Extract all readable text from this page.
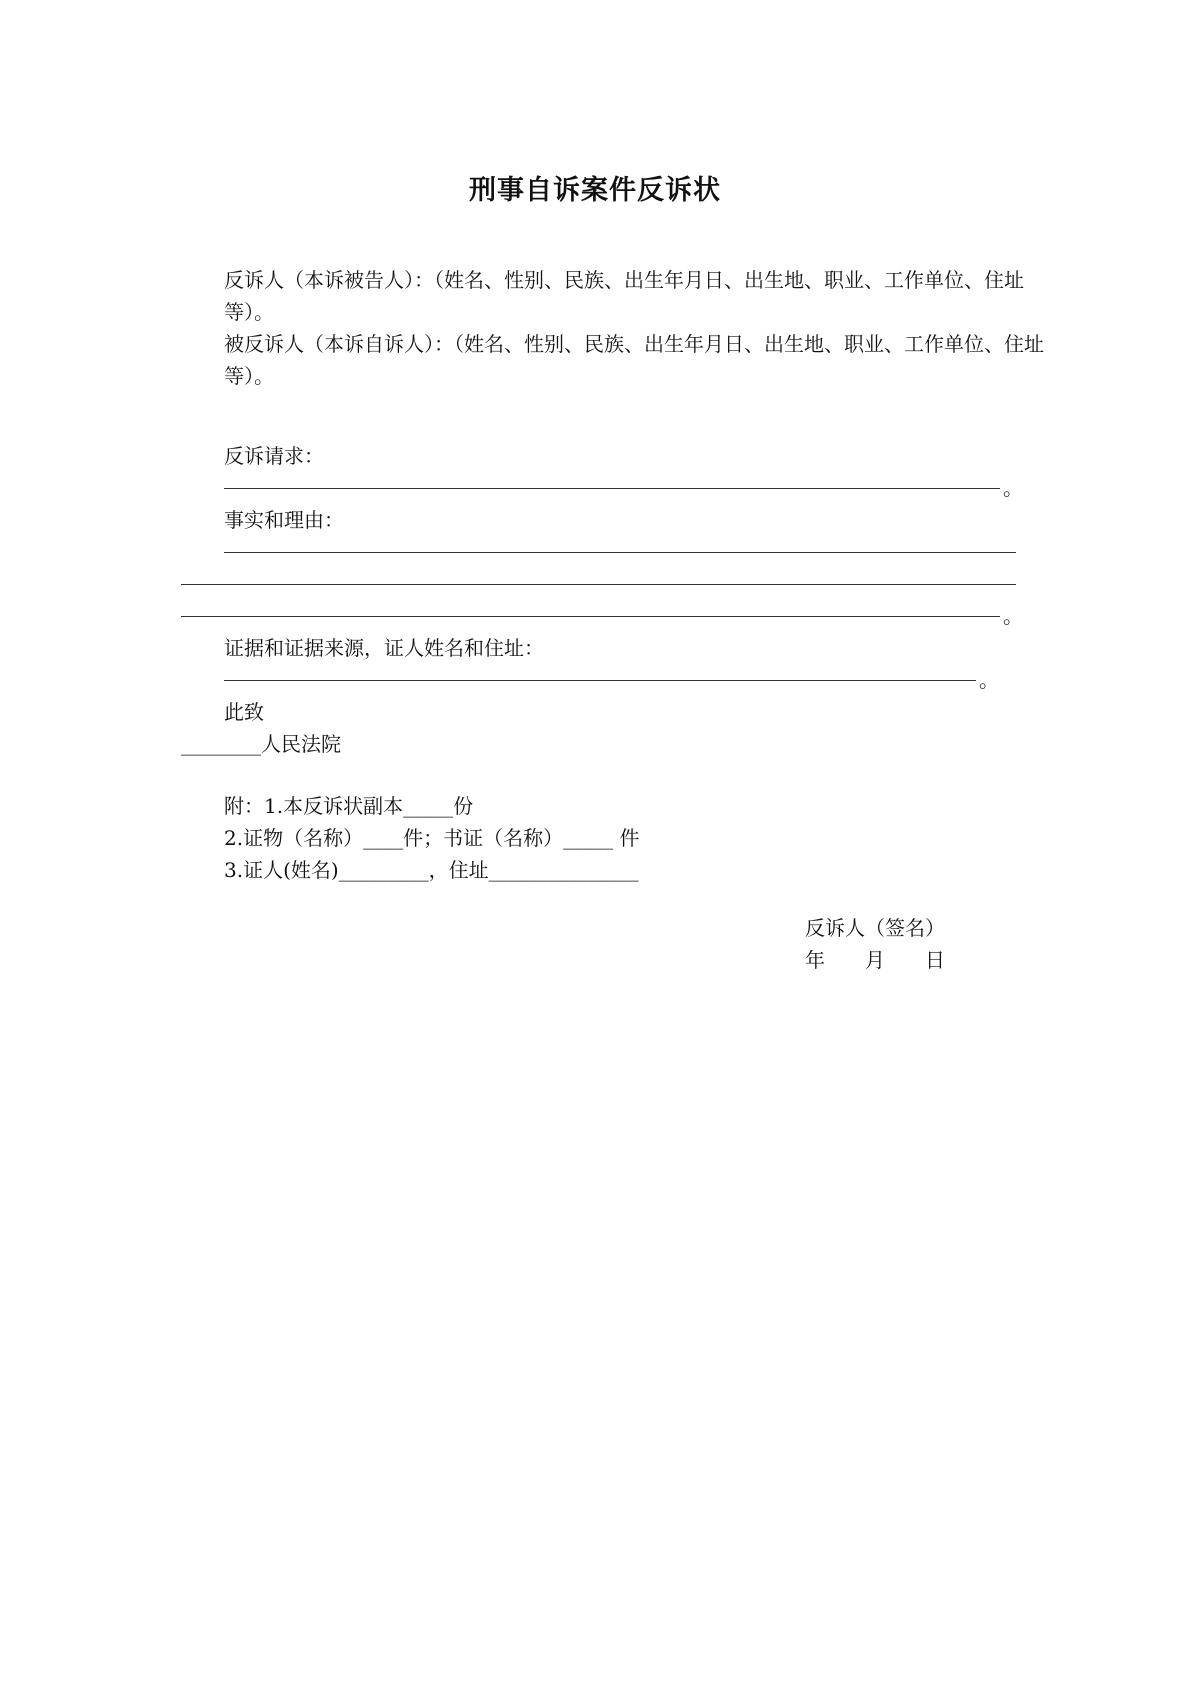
刑事自诉案件反诉状
反诉人（本诉被告人）：（姓名、性别、民族、出生年月日、出生地、职业、工作单位、住址等）。
被反诉人（本诉自诉人）：（姓名、性别、民族、出生年月日、出生地、职业、工作单位、住址等）。
反诉请求：
。
事实和理由：
。
证据和证据来源，证人姓名和住址：
。
此致
________人民法院
附：1.本反诉状副本_____份
2.证物（名称）____件；书证（名称）_____ 件
3.证人(姓名)_________，住址_______________
反诉人（签名）
年　　月　　日
